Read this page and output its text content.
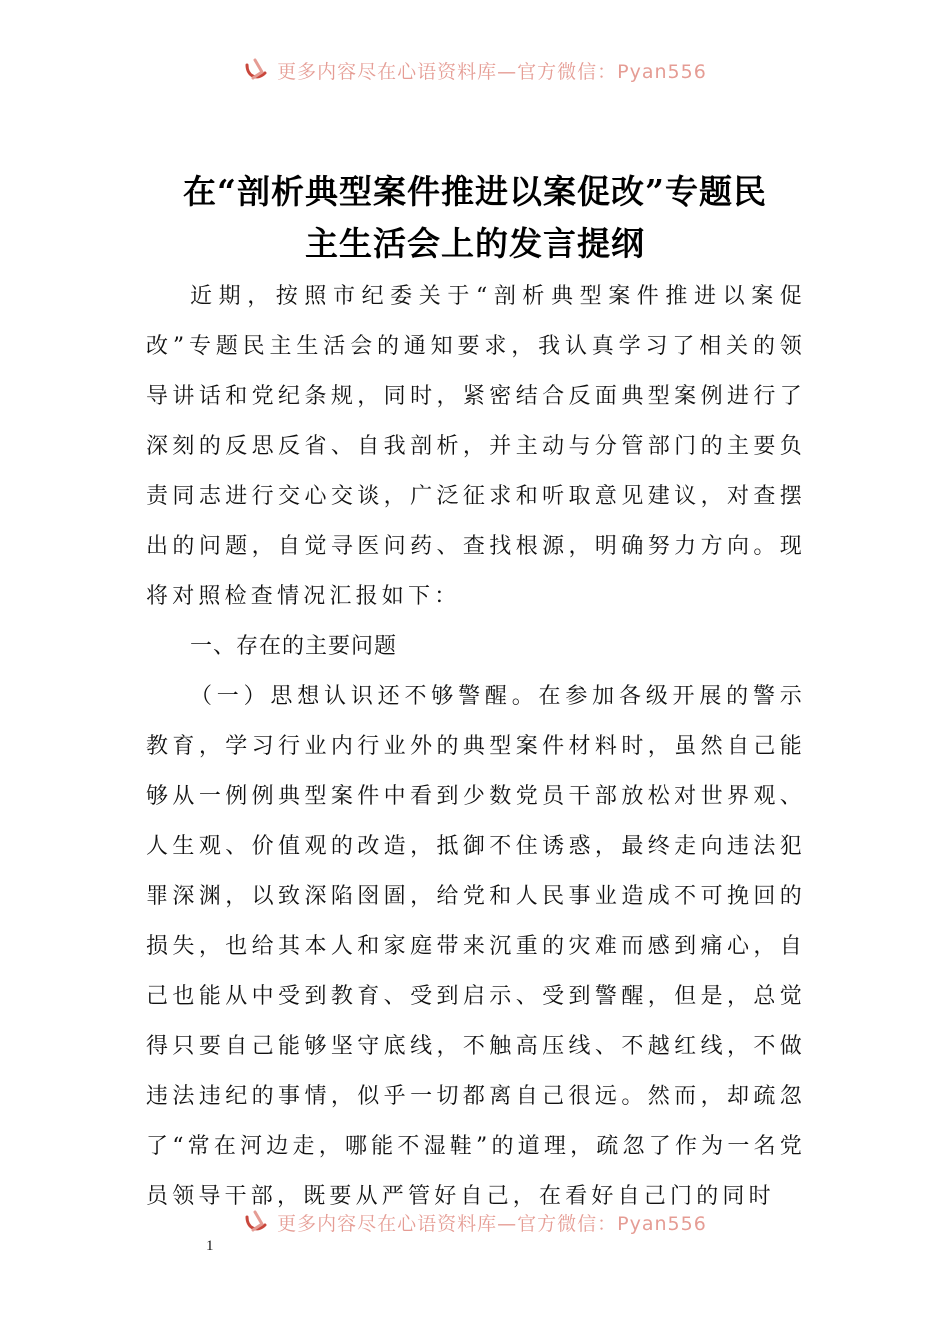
更多内容尽在心语资料库—官方微信：Pyan556
在“剖析典型案件推进以案促改”专题民
主生活会上的发言提纲

近期，按照市纪委关于“剖析典型案件推进以案促改”专题民主生活会的通知要求，我认真学习了相关的领导讲话和党纪条规，同时，紧密结合反面典型案例进行了深刻的反思反省、自我剖析，并主动与分管部门的主要负责同志进行交心交谈，广泛征求和听取意见建议，对查摆出的问题，自觉寻医问药、查找根源，明确努力方向。现将对照检查情况汇报如下：

一、存在的主要问题

（一）思想认识还不够警醒。在参加各级开展的警示教育，学习行业内行业外的典型案件材料时，虽然自己能够从一例例典型案件中看到少数党员干部放松对世界观、人生观、价值观的改造，抵御不住诱惑，最终走向违法犯罪深渊，以致深陷囹圄，给党和人民事业造成不可挽回的损失，也给其本人和家庭带来沉重的灾难而感到痛心，自己也能从中受到教育、受到启示、受到警醒，但是，总觉得只要自己能够坚守底线，不触高压线、不越红线，不做违法违纪的事情，似乎一切都离自己很远。然而，却疏忽了“常在河边走，哪能不湿鞋”的道理，疏忽了作为一名党员领导干部，既要从严管好自己，在看好自己门的同时

更多内容尽在心语资料库—官方微信：Pyan556
1
